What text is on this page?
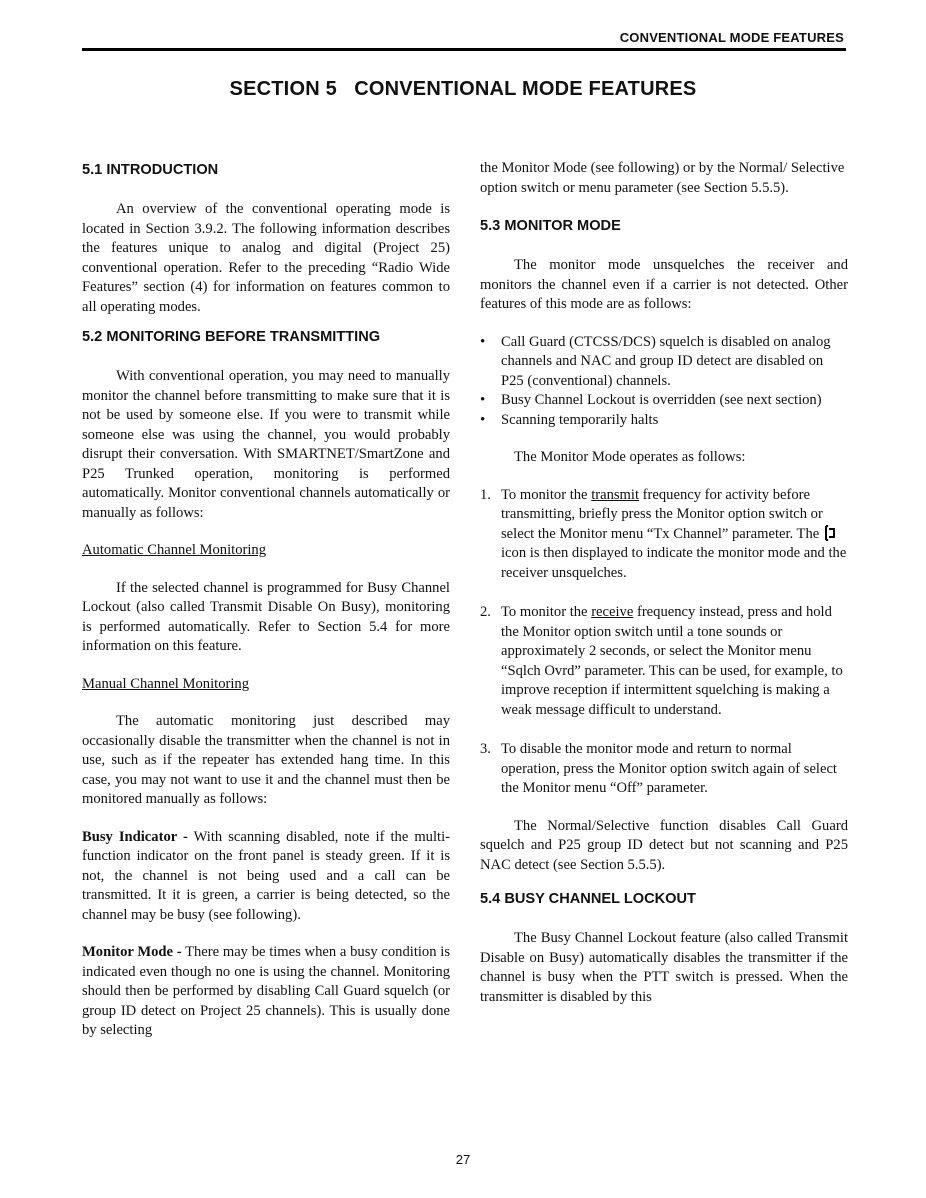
CONVENTIONAL MODE FEATURES
SECTION 5   CONVENTIONAL MODE FEATURES
5.1 INTRODUCTION

An overview of the conventional operating mode is located in Section 3.9.2. The following information describes the features unique to analog and digital (Project 25) conventional operation. Refer to the preceding “Radio Wide Features” section (4) for information on features common to all operating modes.

5.2 MONITORING BEFORE TRANSMITTING

With conventional operation, you may need to manually monitor the channel before transmitting to make sure that it is not be used by someone else. If you were to transmit while someone else was using the channel, you would probably disrupt their conversation. With SMARTNET/SmartZone and P25 Trunked operation, monitoring is performed automatically. Monitor conventional channels automatically or manually as follows:

Automatic Channel Monitoring

If the selected channel is programmed for Busy Channel Lockout (also called Transmit Disable On Busy), monitoring is performed automatically. Refer to Section 5.4 for more information on this feature.

Manual Channel Monitoring

The automatic monitoring just described may occasionally disable the transmitter when the channel is not in use, such as if the repeater has extended hang time. In this case, you may not want to use it and the channel must then be monitored manually as follows:

Busy Indicator - With scanning disabled, note if the multi-function indicator on the front panel is steady green. If it is not, the channel is not being used and a call can be transmitted. It it is green, a carrier is being detected, so the channel may be busy (see following).

Monitor Mode - There may be times when a busy condition is indicated even though no one is using the channel. Monitoring should then be performed by disabling Call Guard squelch (or group ID detect on Project 25 channels). This is usually done by selecting

the Monitor Mode (see following) or by the Normal/ Selective option switch or menu parameter (see Section 5.5.5).

5.3 MONITOR MODE

The monitor mode unsquelches the receiver and monitors the channel even if a carrier is not detected. Other features of this mode are as follows:

• Call Guard (CTCSS/DCS) squelch is disabled on analog channels and NAC and group ID detect are disabled on P25 (conventional) channels.
• Busy Channel Lockout is overridden (see next section)
• Scanning temporarily halts

The Monitor Mode operates as follows:

1. To monitor the transmit frequency for activity before transmitting, briefly press the Monitor option switch or select the Monitor menu “Tx Channel” parameter. The  icon is then displayed to indicate the monitor mode and the receiver unsquelches.
2. To monitor the receive frequency instead, press and hold the Monitor option switch until a tone sounds or approximately 2 seconds, or select the Monitor menu “Sqlch Ovrd” parameter. This can be used, for example, to improve reception if intermittent squelching is making a weak message difficult to understand.
3. To disable the monitor mode and return to normal operation, press the Monitor option switch again of select the Monitor menu “Off” parameter.

The Normal/Selective function disables Call Guard squelch and P25 group ID detect but not scanning and P25 NAC detect (see Section 5.5.5).

5.4 BUSY CHANNEL LOCKOUT

The Busy Channel Lockout feature (also called Transmit Disable on Busy) automatically disables the transmitter if the channel is busy when the PTT switch is pressed. When the transmitter is disabled by this

27
